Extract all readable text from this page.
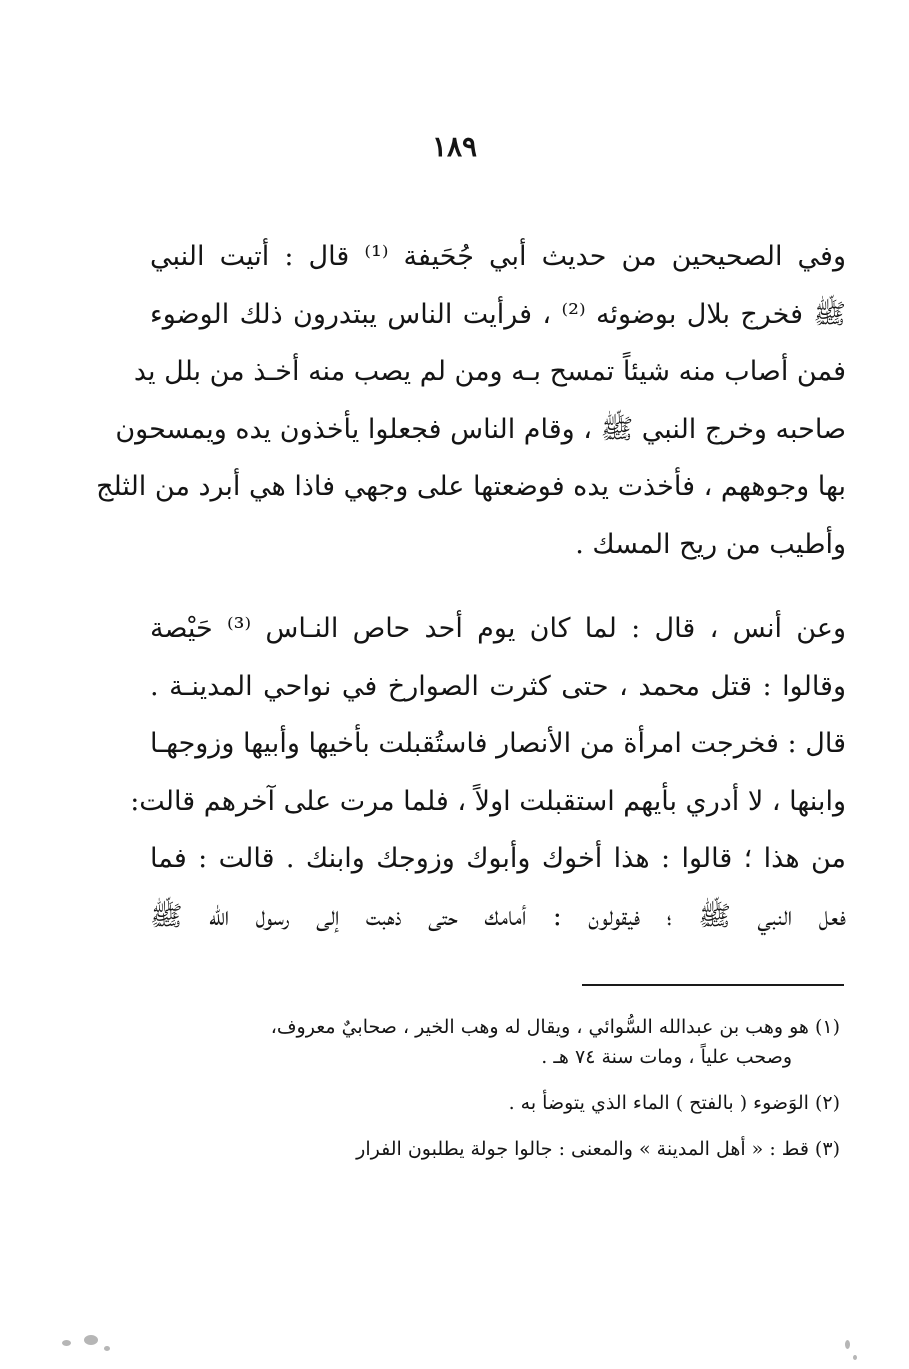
١٨٩
وفي الصحيحين من حديث أبي جُحَيفة ⁽¹⁾ قال : أتيت النبي
ﷺ فخرج بلال بوضوئه ⁽²⁾ ، فرأيت الناس يبتدرون ذلك الوضوء
فمن أصاب منه شيئاً تمسح بـه ومن لم يصب منه أخـذ من بلل يد
صاحبه وخرج النبي ﷺ ، وقام الناس فجعلوا يأخذون يده ويمسحون
بها وجوههم ، فأخذت يده فوضعتها على وجهي فاذا هي أبرد من الثلج
وأطيب من ريح المسك .
وعن أنس ، قال : لما كان يوم أحد حاص النـاس ⁽³⁾ حَيْصة
وقالوا : قتل محمد ، حتى كثرت الصوارخ في نواحي المدينـة .
قال : فخرجت امرأة من الأنصار فاستُقبلت بأخيها وأبيها وزوجهـا
وابنها ، لا أدري بأيهم استقبلت اولاً ، فلما مرت على آخرهم قالت:
من هذا ؛ قالوا : هذا أخوك وأبوك وزوجك وابنك . قالت : فما
فعل النبي ﷺ ؛ فيقولون : أمامك حتى ذهبت إلى رسول الله ﷺ
(١) هو وهب بن عبدالله السُّوائي ، ويقال له وهب الخير ، صحابيٌ معروف،
وصحب علياً ، ومات سنة ٧٤ هـ .
(٢) الوَضوء ( بالفتح ) الماء الذي يتوضأ به .
(٣) قط : « أهل المدينة » والمعنى : جالوا جولة يطلبون الفرار
